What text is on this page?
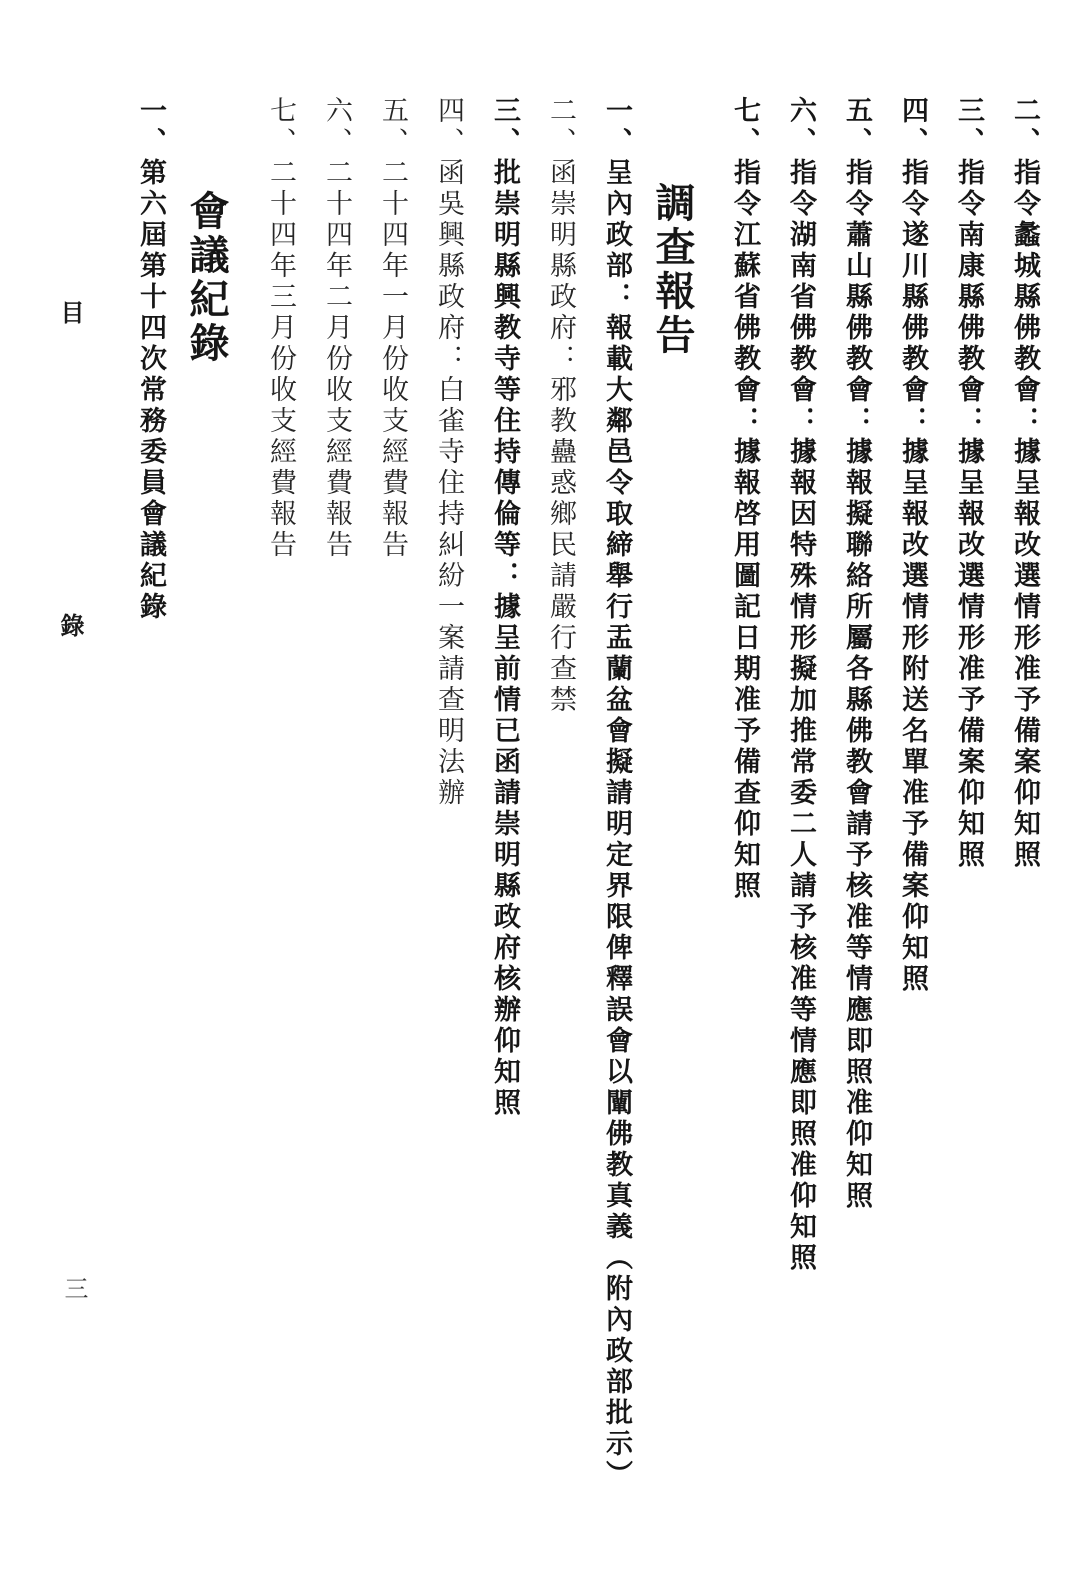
二、指令蠡城縣佛教會：據呈報改選情形准予備案仰知照
三、指令南康縣佛教會：據呈報改選情形准予備案仰知照
四、指令遂川縣佛教會：據呈報改選情形附送名單准予備案仰知照
五、指令蕭山縣佛教會：據報擬聯絡所屬各縣佛教會請予核准等情應即照准仰知照
六、指令湖南省佛教會：據報因特殊情形擬加推常委二人請予核准等情應即照准仰知照
七、指令江蘇省佛教會：據報啓用圖記日期准予備查仰知照
調查報告
一、呈內政部：報載大鄰邑令取締舉行盂蘭盆會擬請明定界限俾釋誤會以闡佛教真義（附內政部批示）
二、函崇明縣政府：邪教蠱惑鄉民請嚴行查禁
三、批崇明縣興教寺等住持傳倫等：據呈前情已函請崇明縣政府核辦仰知照
四、函吳興縣政府：白雀寺住持糾紛一案請查明法辦
五、二十四年一月份收支經費報告
六、二十四年二月份收支經費報告
七、二十四年三月份收支經費報告
會議紀錄
一、第六屆第十四次常務委員會議紀錄
目 錄
三
